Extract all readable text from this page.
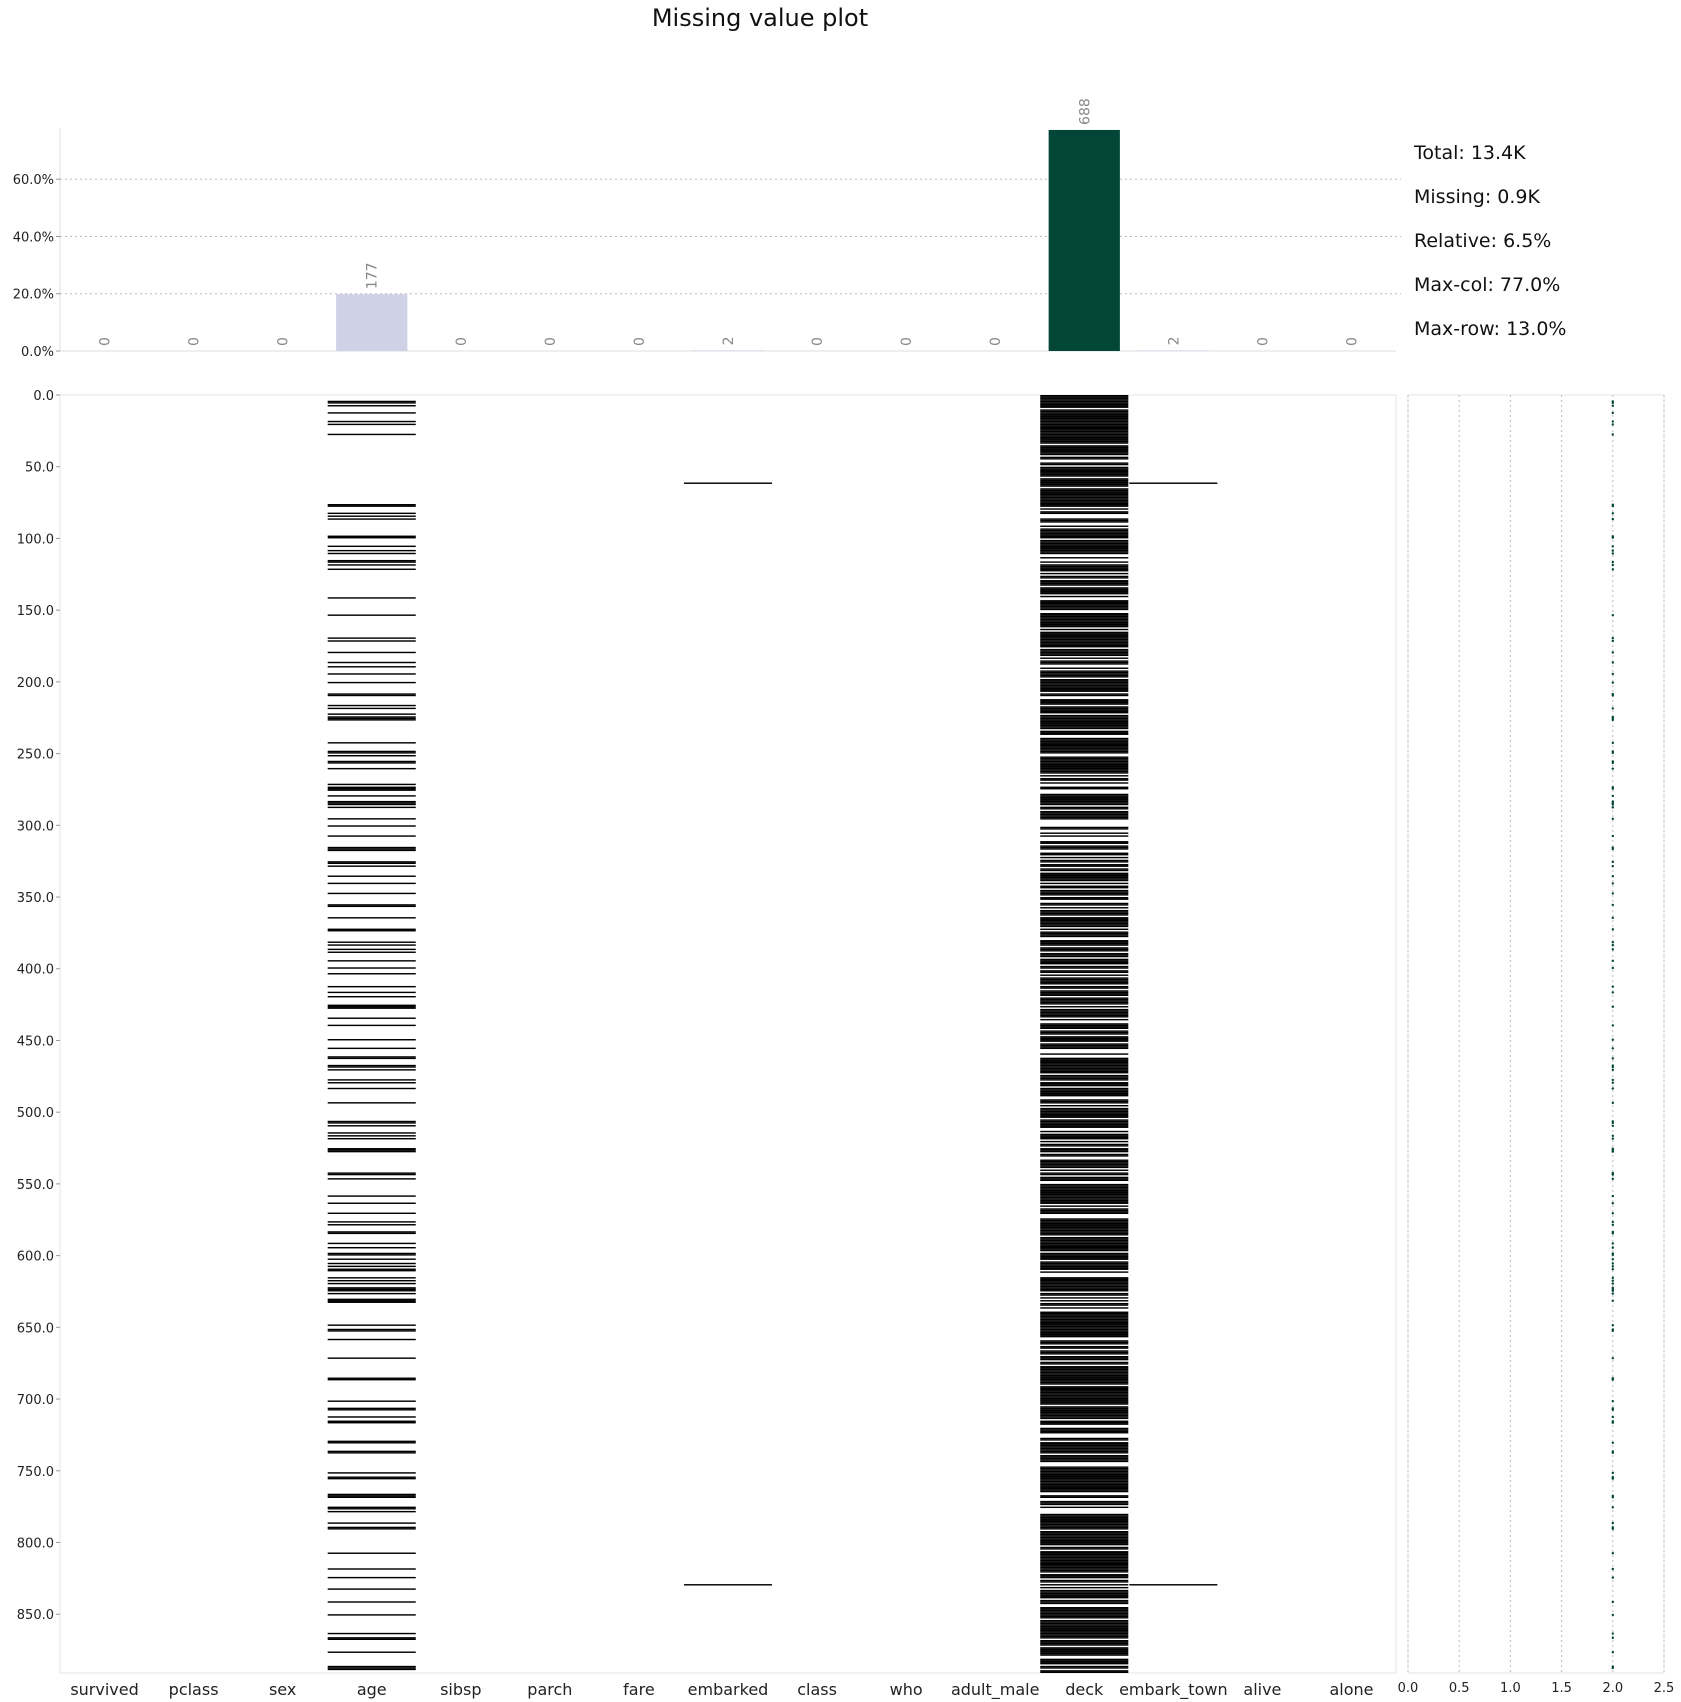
Missing value plot
0.0%
20.0%
40.0%
60.0%
0	0	0
177
0	0	0	2	0	0	0
688
2	0	0
Total: 13.4K
Missing: 0.9K
Relative: 6.5%
Max-col: 77.0%
Max-row: 13.0%
0.0
50.0
100.0
150.0
200.0
250.0
300.0
350.0
400.0
450.0
500.0
550.0
600.0
650.0
700.0
750.0
800.0
850.0
survived pclass	sex	age	sibsp	parch	fare embarked class	who adult_male deck embark_town alive	alone 0.0 0.5 1.0 1.5 2.0 2.5
